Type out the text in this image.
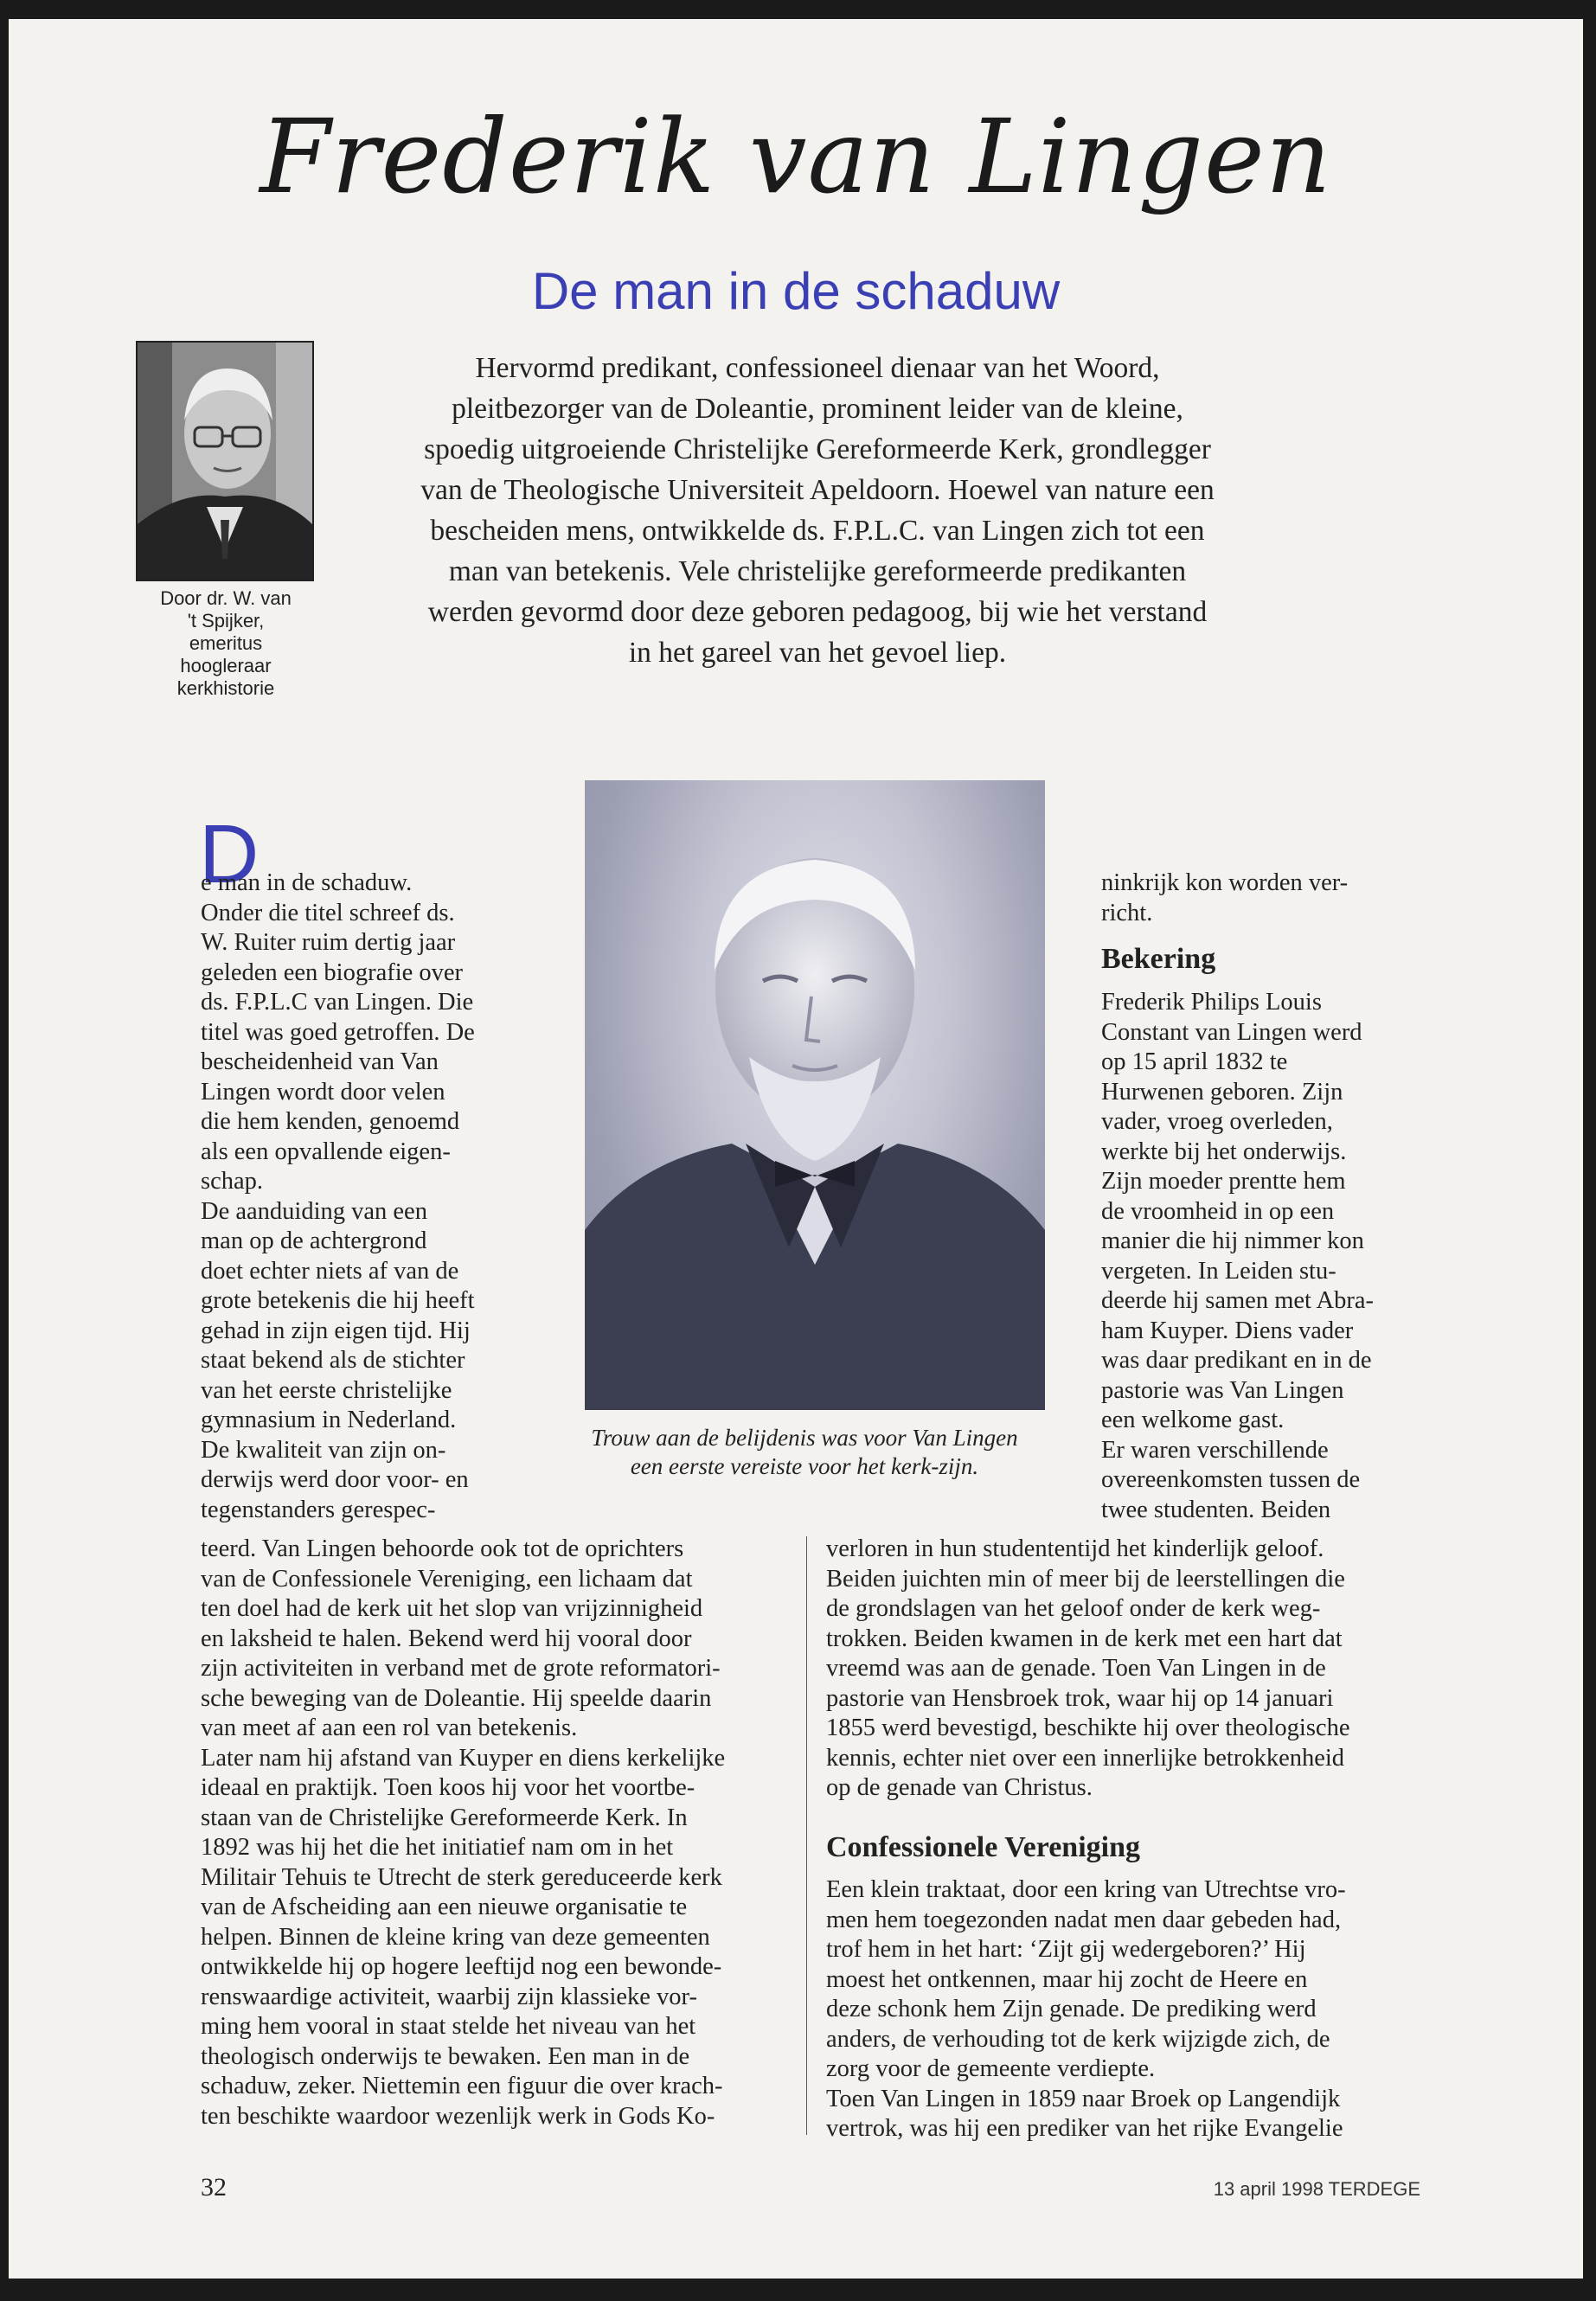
Frederik van Lingen
De man in de schaduw
Door dr. W. van
't Spijker,
emeritus
hoogleraar
kerkhistorie
Hervormd predikant, confessioneel dienaar van het Woord,
pleitbezorger van de Doleantie, prominent leider van de kleine,
spoedig uitgroeiende Christelijke Gereformeerde Kerk, grondlegger
van de Theologische Universiteit Apeldoorn. Hoewel van nature een
bescheiden mens, ontwikkelde ds. F.P.L.C. van Lingen zich tot een
man van betekenis. Vele christelijke gereformeerde predikanten
werden gevormd door deze geboren pedagoog, bij wie het verstand
in het gareel van het gevoel liep.
Trouw aan de belijdenis was voor Van Lingen
een eerste vereiste voor het kerk-zijn.
D
e man in de schaduw.
Onder die titel schreef ds.
W. Ruiter ruim dertig jaar
geleden een biografie over
ds. F.P.L.C van Lingen. Die
titel was goed getroffen. De
bescheidenheid van Van
Lingen wordt door velen
die hem kenden, genoemd
als een opvallende eigen-
schap.
De aanduiding van een
man op de achtergrond
doet echter niets af van de
grote betekenis die hij heeft
gehad in zijn eigen tijd. Hij
staat bekend als de stichter
van het eerste christelijke
gymnasium in Nederland.
De kwaliteit van zijn on-
derwijs werd door voor- en
tegenstanders gerespec-
teerd. Van Lingen behoorde ook tot de oprichters
van de Confessionele Vereniging, een lichaam dat
ten doel had de kerk uit het slop van vrijzinnigheid
en laksheid te halen. Bekend werd hij vooral door
zijn activiteiten in verband met de grote reformatori-
sche beweging van de Doleantie. Hij speelde daarin
van meet af aan een rol van betekenis.
Later nam hij afstand van Kuyper en diens kerkelijke
ideaal en praktijk. Toen koos hij voor het voortbe-
staan van de Christelijke Gereformeerde Kerk. In
1892 was hij het die het initiatief nam om in het
Militair Tehuis te Utrecht de sterk gereduceerde kerk
van de Afscheiding aan een nieuwe organisatie te
helpen. Binnen de kleine kring van deze gemeenten
ontwikkelde hij op hogere leeftijd nog een bewonde-
renswaardige activiteit, waarbij zijn klassieke vor-
ming hem vooral in staat stelde het niveau van het
theologisch onderwijs te bewaken. Een man in de
schaduw, zeker. Niettemin een figuur die over krach-
ten beschikte waardoor wezenlijk werk in Gods Ko-
ninkrijk kon worden ver-
richt.
Bekering
Frederik Philips Louis
Constant van Lingen werd
op 15 april 1832 te
Hurwenen geboren. Zijn
vader, vroeg overleden,
werkte bij het onderwijs.
Zijn moeder prentte hem
de vroomheid in op een
manier die hij nimmer kon
vergeten. In Leiden stu-
deerde hij samen met Abra-
ham Kuyper. Diens vader
was daar predikant en in de
pastorie was Van Lingen
een welkome gast.
Er waren verschillende
overeenkomsten tussen de
twee studenten. Beiden
verloren in hun studententijd het kinderlijk geloof.
Beiden juichten min of meer bij de leerstellingen die
de grondslagen van het geloof onder de kerk weg-
trokken. Beiden kwamen in de kerk met een hart dat
vreemd was aan de genade. Toen Van Lingen in de
pastorie van Hensbroek trok, waar hij op 14 januari
1855 werd bevestigd, beschikte hij over theologische
kennis, echter niet over een innerlijke betrokkenheid
op de genade van Christus.
Confessionele Vereniging
Een klein traktaat, door een kring van Utrechtse vro-
men hem toegezonden nadat men daar gebeden had,
trof hem in het hart: ‘Zijt gij wedergeboren?’ Hij
moest het ontkennen, maar hij zocht de Heere en
deze schonk hem Zijn genade. De prediking werd
anders, de verhouding tot de kerk wijzigde zich, de
zorg voor de gemeente verdiepte.
Toen Van Lingen in 1859 naar Broek op Langendijk
vertrok, was hij een prediker van het rijke Evangelie
32	13 april 1998 TERDEGE
